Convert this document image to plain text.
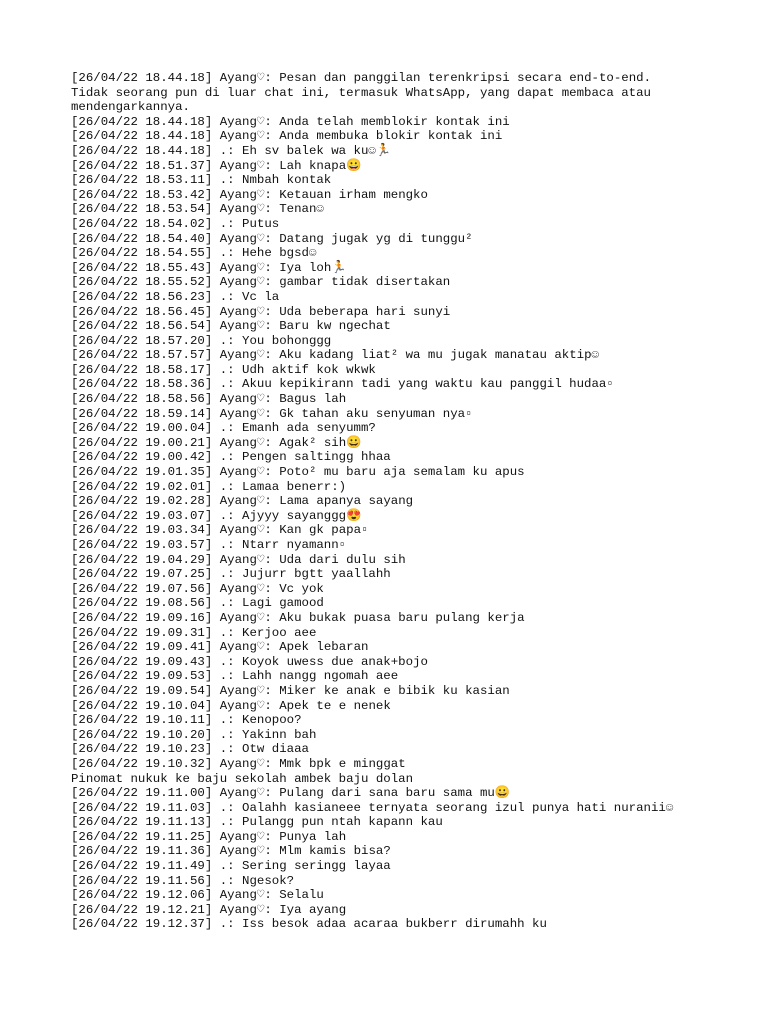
[26/04/22 18.44.18] Ayang♡: Pesan dan panggilan terenkripsi secara end-to-end.
Tidak seorang pun di luar chat ini, termasuk WhatsApp, yang dapat membaca atau
mendengarkannya.
[26/04/22 18.44.18] Ayang♡: Anda telah memblokir kontak ini
[26/04/22 18.44.18] Ayang♡: Anda membuka blokir kontak ini
[26/04/22 18.44.18] .: Eh sv balek wa ku☺🏃
[26/04/22 18.51.37] Ayang♡: Lah knapa😀
[26/04/22 18.53.11] .: Nmbah kontak
[26/04/22 18.53.42] Ayang♡: Ketauan irham mengko
[26/04/22 18.53.54] Ayang♡: Tenan☺
[26/04/22 18.54.02] .: Putus
[26/04/22 18.54.40] Ayang♡: Datang jugak yg di tunggu²
[26/04/22 18.54.55] .: Hehe bgsd☺
[26/04/22 18.55.43] Ayang♡: Iya loh🏃
[26/04/22 18.55.52] Ayang♡: gambar tidak disertakan
[26/04/22 18.56.23] .: Vc la
[26/04/22 18.56.45] Ayang♡: Uda beberapa hari sunyi
[26/04/22 18.56.54] Ayang♡: Baru kw ngechat
[26/04/22 18.57.20] .: You bohonggg
[26/04/22 18.57.57] Ayang♡: Aku kadang liat² wa mu jugak manatau aktip☺
[26/04/22 18.58.17] .: Udh aktif kok wkwk
[26/04/22 18.58.36] .: Akuu kepikirann tadi yang waktu kau panggil hudaa▫
[26/04/22 18.58.56] Ayang♡: Bagus lah
[26/04/22 18.59.14] Ayang♡: Gk tahan aku senyuman nya▫
[26/04/22 19.00.04] .: Emanh ada senyumm?
[26/04/22 19.00.21] Ayang♡: Agak² sih😀
[26/04/22 19.00.42] .: Pengen saltingg hhaa
[26/04/22 19.01.35] Ayang♡: Poto² mu baru aja semalam ku apus
[26/04/22 19.02.01] .: Lamaa benerr:)
[26/04/22 19.02.28] Ayang♡: Lama apanya sayang
[26/04/22 19.03.07] .: Ajyyy sayanggg😍
[26/04/22 19.03.34] Ayang♡: Kan gk papa▫
[26/04/22 19.03.57] .: Ntarr nyamann▫
[26/04/22 19.04.29] Ayang♡: Uda dari dulu sih
[26/04/22 19.07.25] .: Jujurr bgtt yaallahh
[26/04/22 19.07.56] Ayang♡: Vc yok
[26/04/22 19.08.56] .: Lagi gamood
[26/04/22 19.09.16] Ayang♡: Aku bukak puasa baru pulang kerja
[26/04/22 19.09.31] .: Kerjoo aee
[26/04/22 19.09.41] Ayang♡: Apek lebaran
[26/04/22 19.09.43] .: Koyok uwess due anak+bojo
[26/04/22 19.09.53] .: Lahh nangg ngomah aee
[26/04/22 19.09.54] Ayang♡: Miker ke anak e bibik ku kasian
[26/04/22 19.10.04] Ayang♡: Apek te e nenek
[26/04/22 19.10.11] .: Kenopoo?
[26/04/22 19.10.20] .: Yakinn bah
[26/04/22 19.10.23] .: Otw diaaa
[26/04/22 19.10.32] Ayang♡: Mmk bpk e minggat
Pinomat nukuk ke baju sekolah ambek baju dolan
[26/04/22 19.11.00] Ayang♡: Pulang dari sana baru sama mu😀
[26/04/22 19.11.03] .: Oalahh kasianeee ternyata seorang izul punya hati nuranii☺
[26/04/22 19.11.13] .: Pulangg pun ntah kapann kau
[26/04/22 19.11.25] Ayang♡: Punya lah
[26/04/22 19.11.36] Ayang♡: Mlm kamis bisa?
[26/04/22 19.11.49] .: Sering seringg layaa
[26/04/22 19.11.56] .: Ngesok?
[26/04/22 19.12.06] Ayang♡: Selalu
[26/04/22 19.12.21] Ayang♡: Iya ayang
[26/04/22 19.12.37] .: Iss besok adaa acaraa bukberr dirumahh ku
